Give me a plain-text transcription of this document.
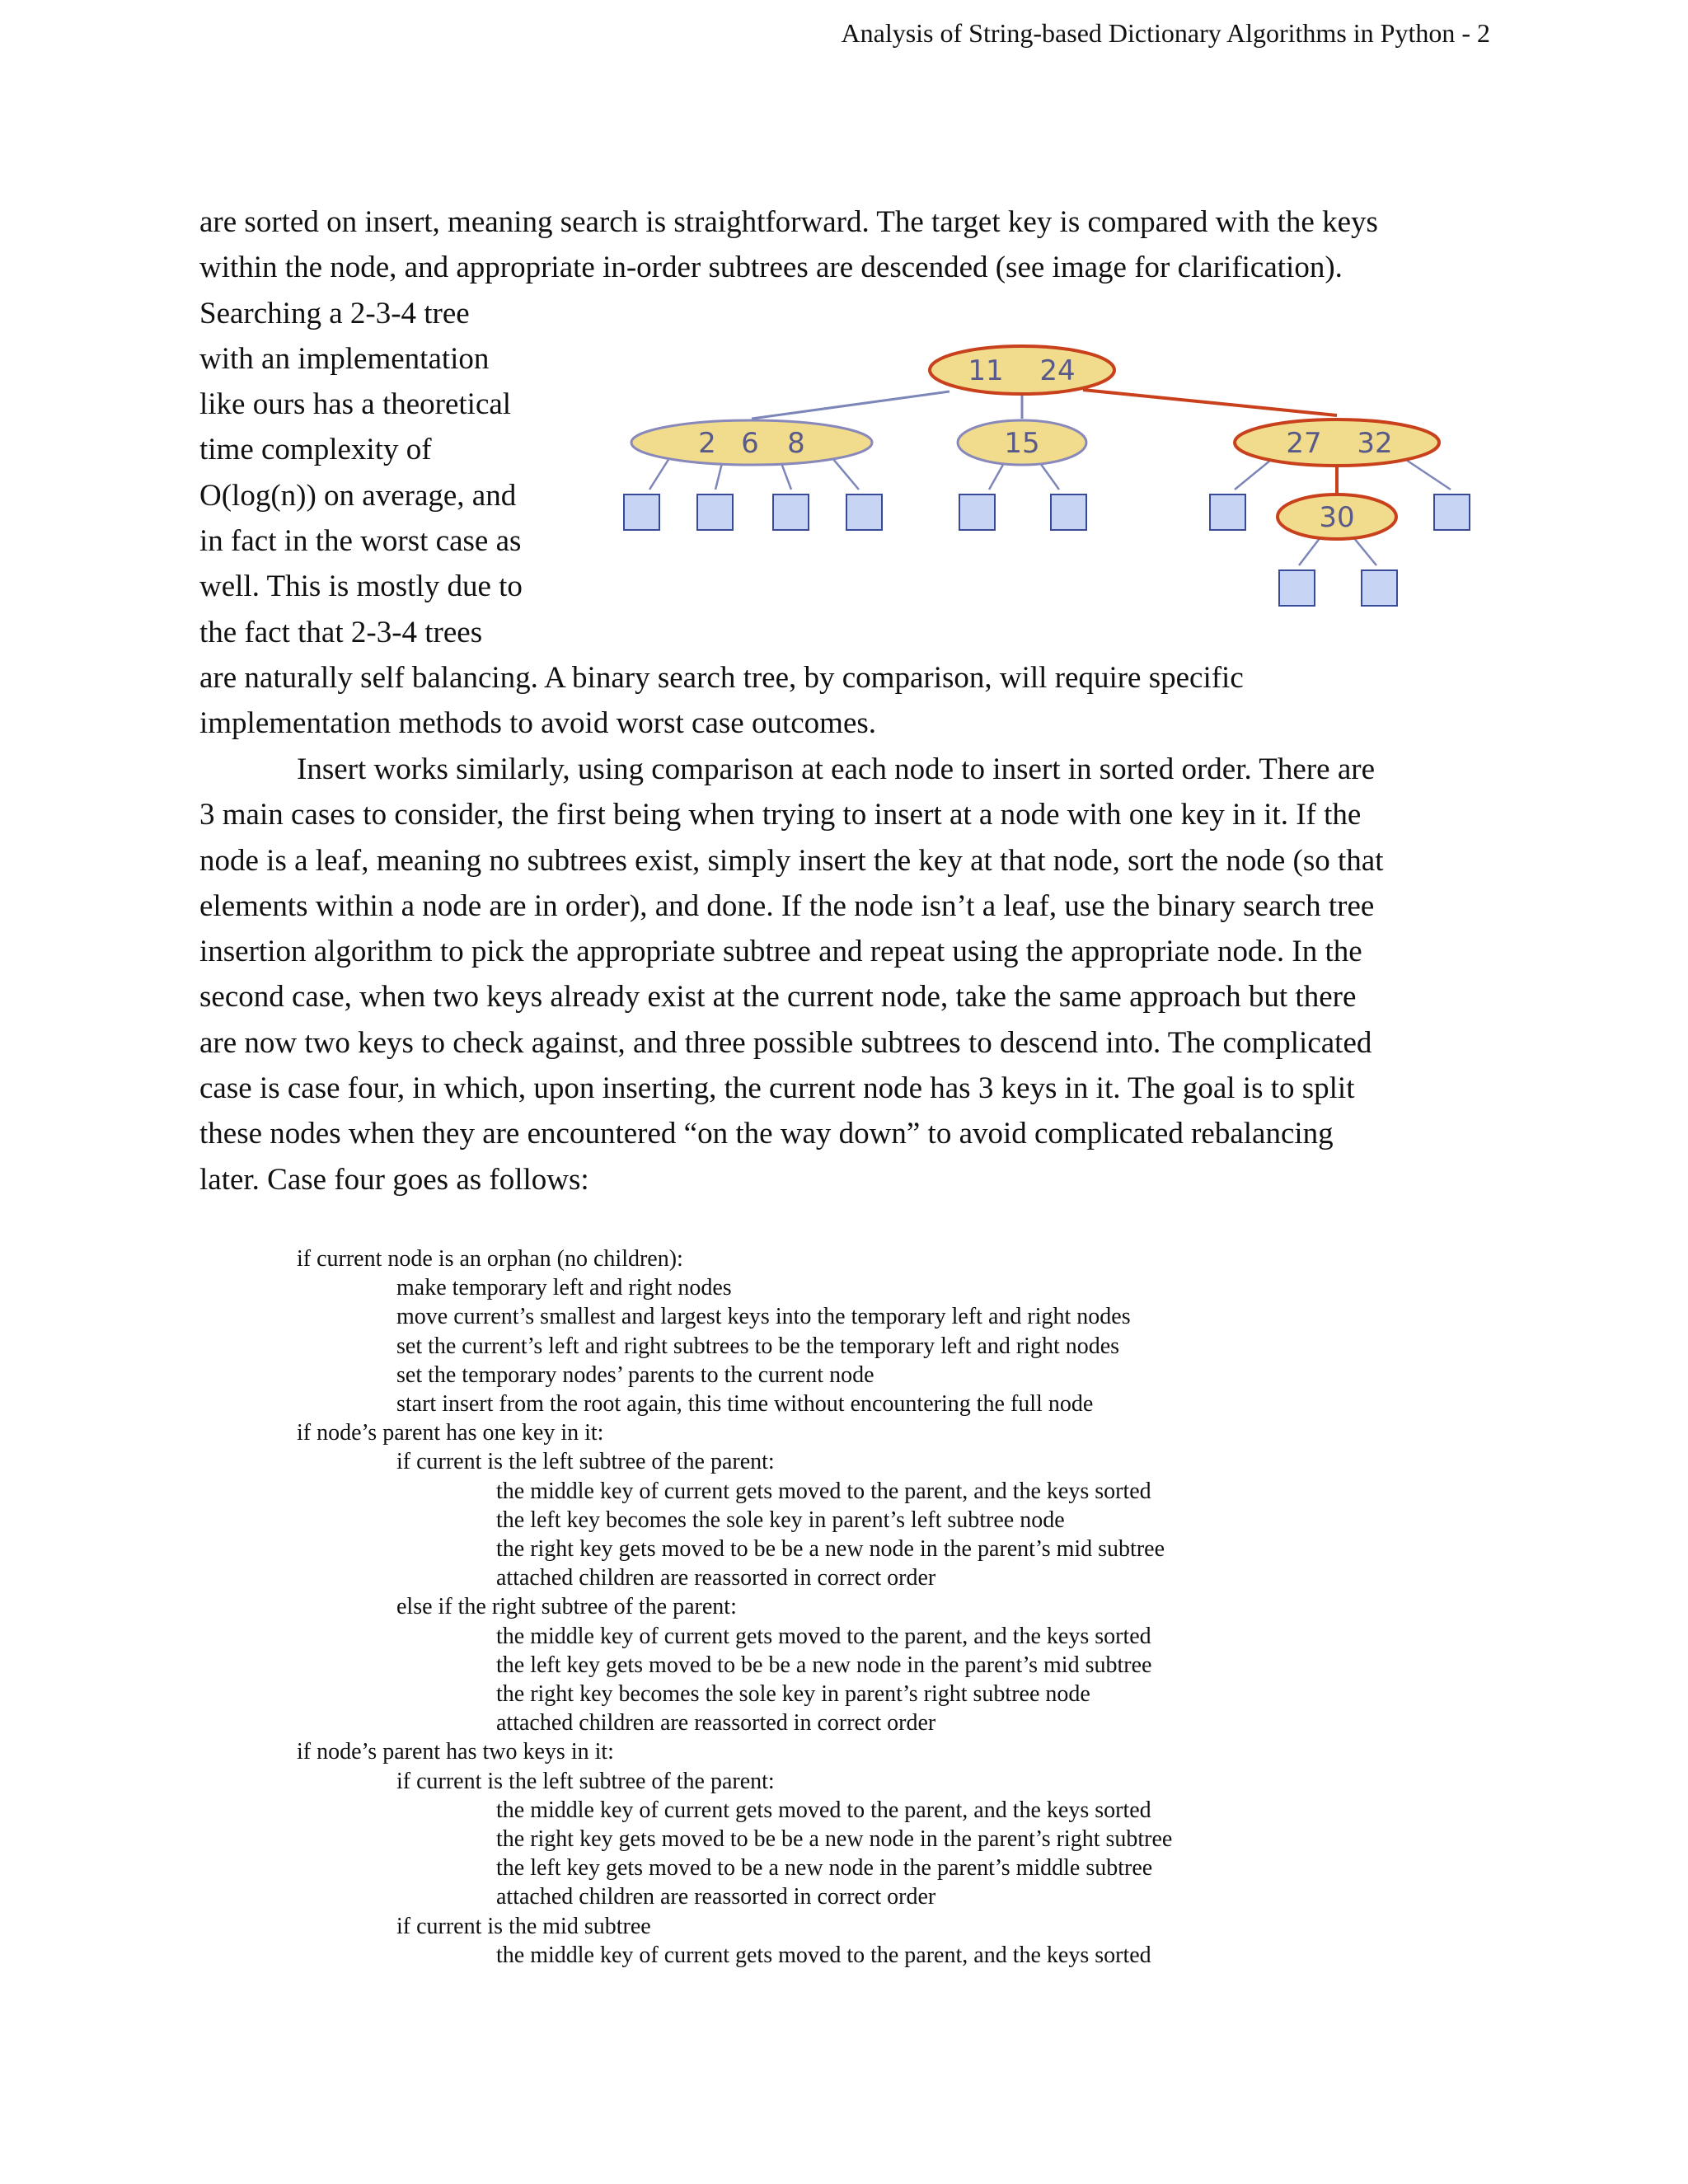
Analysis of String-based Dictionary Algorithms in Python - 2
are sorted on insert, meaning search is straightforward. The target key is compared with the keys
within the node, and appropriate in-order subtrees are descended (see image for clarification).
Searching a 2-3-4 tree
with an implementation
like ours has a theoretical
time complexity of
O(log(n)) on average, and
in fact in the worst case as
well. This is mostly due to
the fact that 2-3-4 trees
are naturally self balancing. A binary search tree, by comparison, will require specific
implementation methods to avoid worst case outcomes.
11 24
2 6 8	15	27 32
30
Insert works similarly, using comparison at each node to insert in sorted order. There are
3 main cases to consider, the first being when trying to insert at a node with one key in it. If the
node is a leaf, meaning no subtrees exist, simply insert the key at that node, sort the node (so that
elements within a node are in order), and done. If the node isn’t a leaf, use the binary search tree
insertion algorithm to pick the appropriate subtree and repeat using the appropriate node. In the
second case, when two keys already exist at the current node, take the same approach but there
are now two keys to check against, and three possible subtrees to descend into. The complicated
case is case four, in which, upon inserting, the current node has 3 keys in it. The goal is to split
these nodes when they are encountered “on the way down” to avoid complicated rebalancing
later. Case four goes as follows:
if current node is an orphan (no children):
make temporary left and right nodes
move current’s smallest and largest keys into the temporary left and right nodes
set the current’s left and right subtrees to be the temporary left and right nodes
set the temporary nodes’ parents to the current node
start insert from the root again, this time without encountering the full node
if node’s parent has one key in it:
if current is the left subtree of the parent:
the middle key of current gets moved to the parent, and the keys sorted
the left key becomes the sole key in parent’s left subtree node
the right key gets moved to be be a new node in the parent’s mid subtree
attached children are reassorted in correct order
else if the right subtree of the parent:
the middle key of current gets moved to the parent, and the keys sorted
the left key gets moved to be be a new node in the parent’s mid subtree
the right key becomes the sole key in parent’s right subtree node
attached children are reassorted in correct order
if node’s parent has two keys in it:
if current is the left subtree of the parent:
the middle key of current gets moved to the parent, and the keys sorted
the right key gets moved to be be a new node in the parent’s right subtree
the left key gets moved to be a new node in the parent’s middle subtree
attached children are reassorted in correct order
if current is the mid subtree
the middle key of current gets moved to the parent, and the keys sorted
